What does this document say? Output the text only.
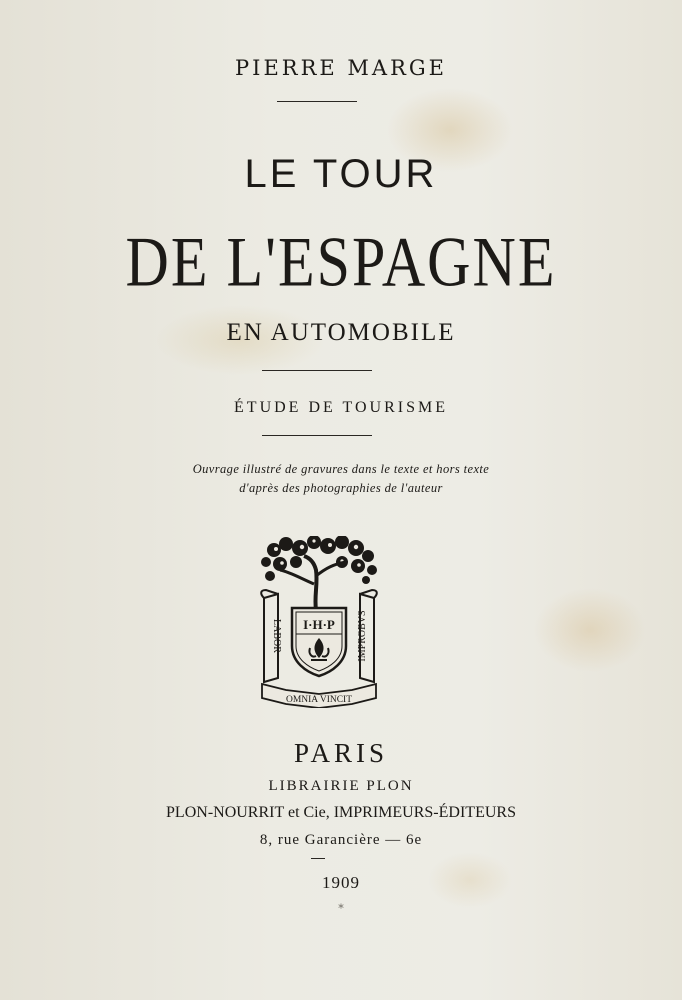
PIERRE MARGE
LE TOUR
DE L'ESPAGNE
EN AUTOMOBILE
ÉTUDE DE TOURISME
Ouvrage illustré de gravures dans le texte et hors texte
d'après des photographies de l'auteur
I·H·P
LABOR	IMPROBVS
OMNIA VINCIT
PARIS
LIBRAIRIE PLON
PLON-NOURRIT et Cie, IMPRIMEURS-ÉDITEURS
8, rue Garancière — 6e
1909
*
